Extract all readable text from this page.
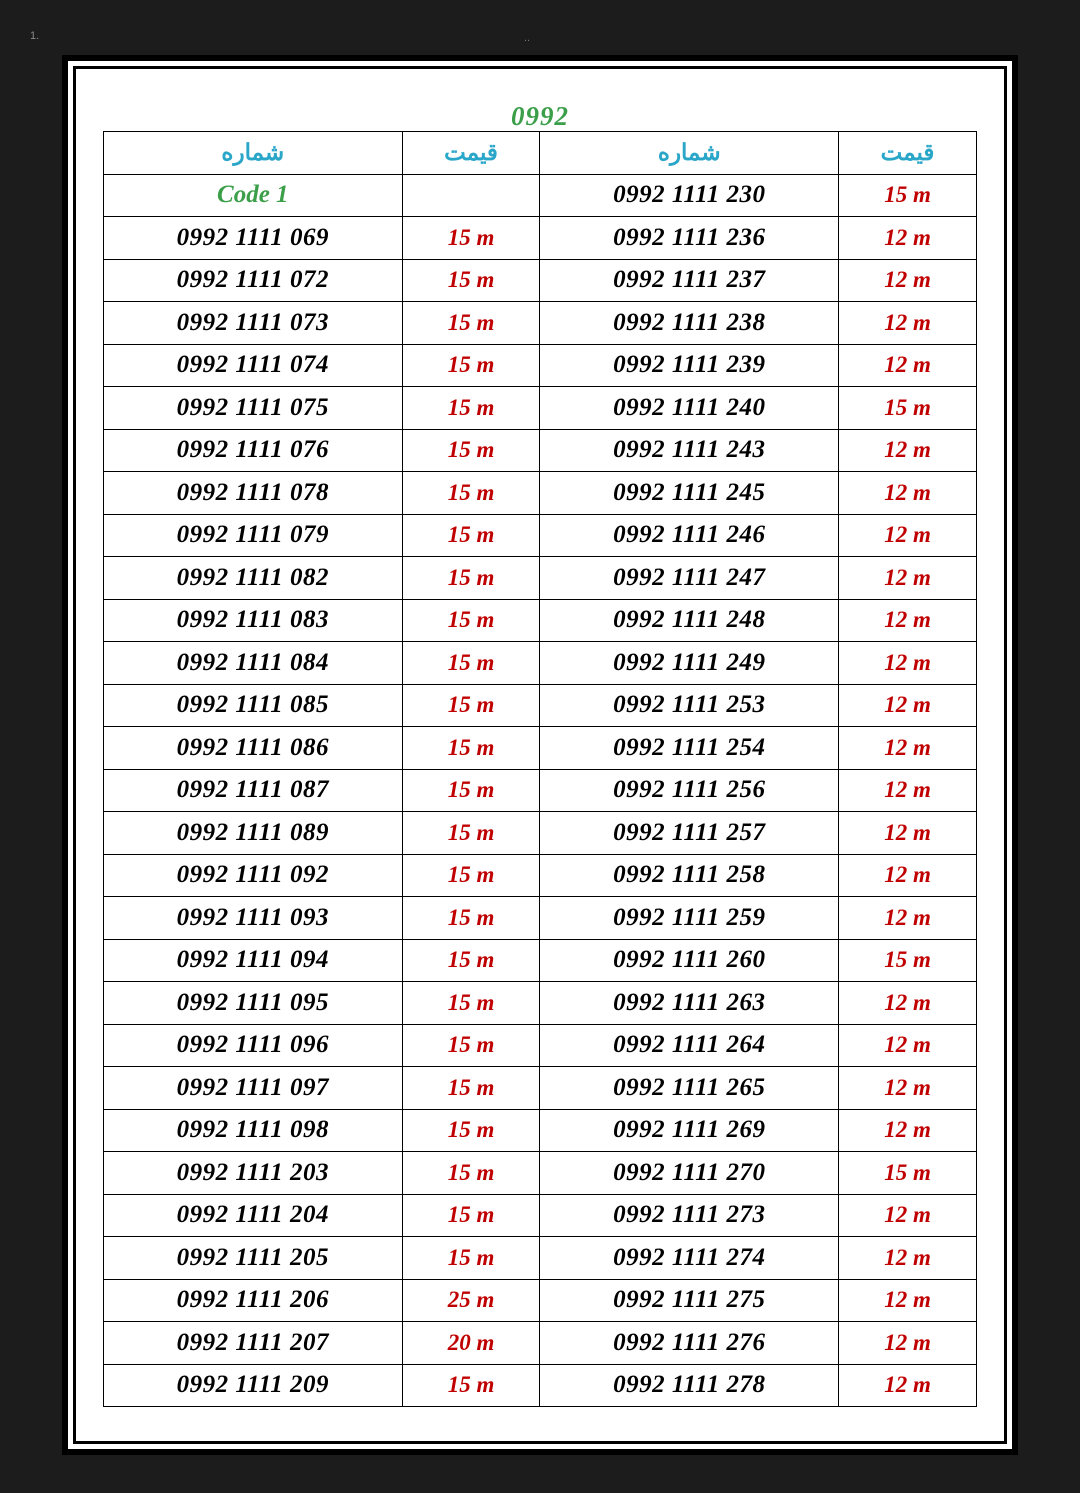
1.	..
0992
شماره	قیمت	شماره	قیمت
Code 1		0992 1111 230	15 m
0992 1111 069	15 m	0992 1111 236	12 m
0992 1111 072	15 m	0992 1111 237	12 m
0992 1111 073	15 m	0992 1111 238	12 m
0992 1111 074	15 m	0992 1111 239	12 m
0992 1111 075	15 m	0992 1111 240	15 m
0992 1111 076	15 m	0992 1111 243	12 m
0992 1111 078	15 m	0992 1111 245	12 m
0992 1111 079	15 m	0992 1111 246	12 m
0992 1111 082	15 m	0992 1111 247	12 m
0992 1111 083	15 m	0992 1111 248	12 m
0992 1111 084	15 m	0992 1111 249	12 m
0992 1111 085	15 m	0992 1111 253	12 m
0992 1111 086	15 m	0992 1111 254	12 m
0992 1111 087	15 m	0992 1111 256	12 m
0992 1111 089	15 m	0992 1111 257	12 m
0992 1111 092	15 m	0992 1111 258	12 m
0992 1111 093	15 m	0992 1111 259	12 m
0992 1111 094	15 m	0992 1111 260	15 m
0992 1111 095	15 m	0992 1111 263	12 m
0992 1111 096	15 m	0992 1111 264	12 m
0992 1111 097	15 m	0992 1111 265	12 m
0992 1111 098	15 m	0992 1111 269	12 m
0992 1111 203	15 m	0992 1111 270	15 m
0992 1111 204	15 m	0992 1111 273	12 m
0992 1111 205	15 m	0992 1111 274	12 m
0992 1111 206	25 m	0992 1111 275	12 m
0992 1111 207	20 m	0992 1111 276	12 m
0992 1111 209	15 m	0992 1111 278	12 m
